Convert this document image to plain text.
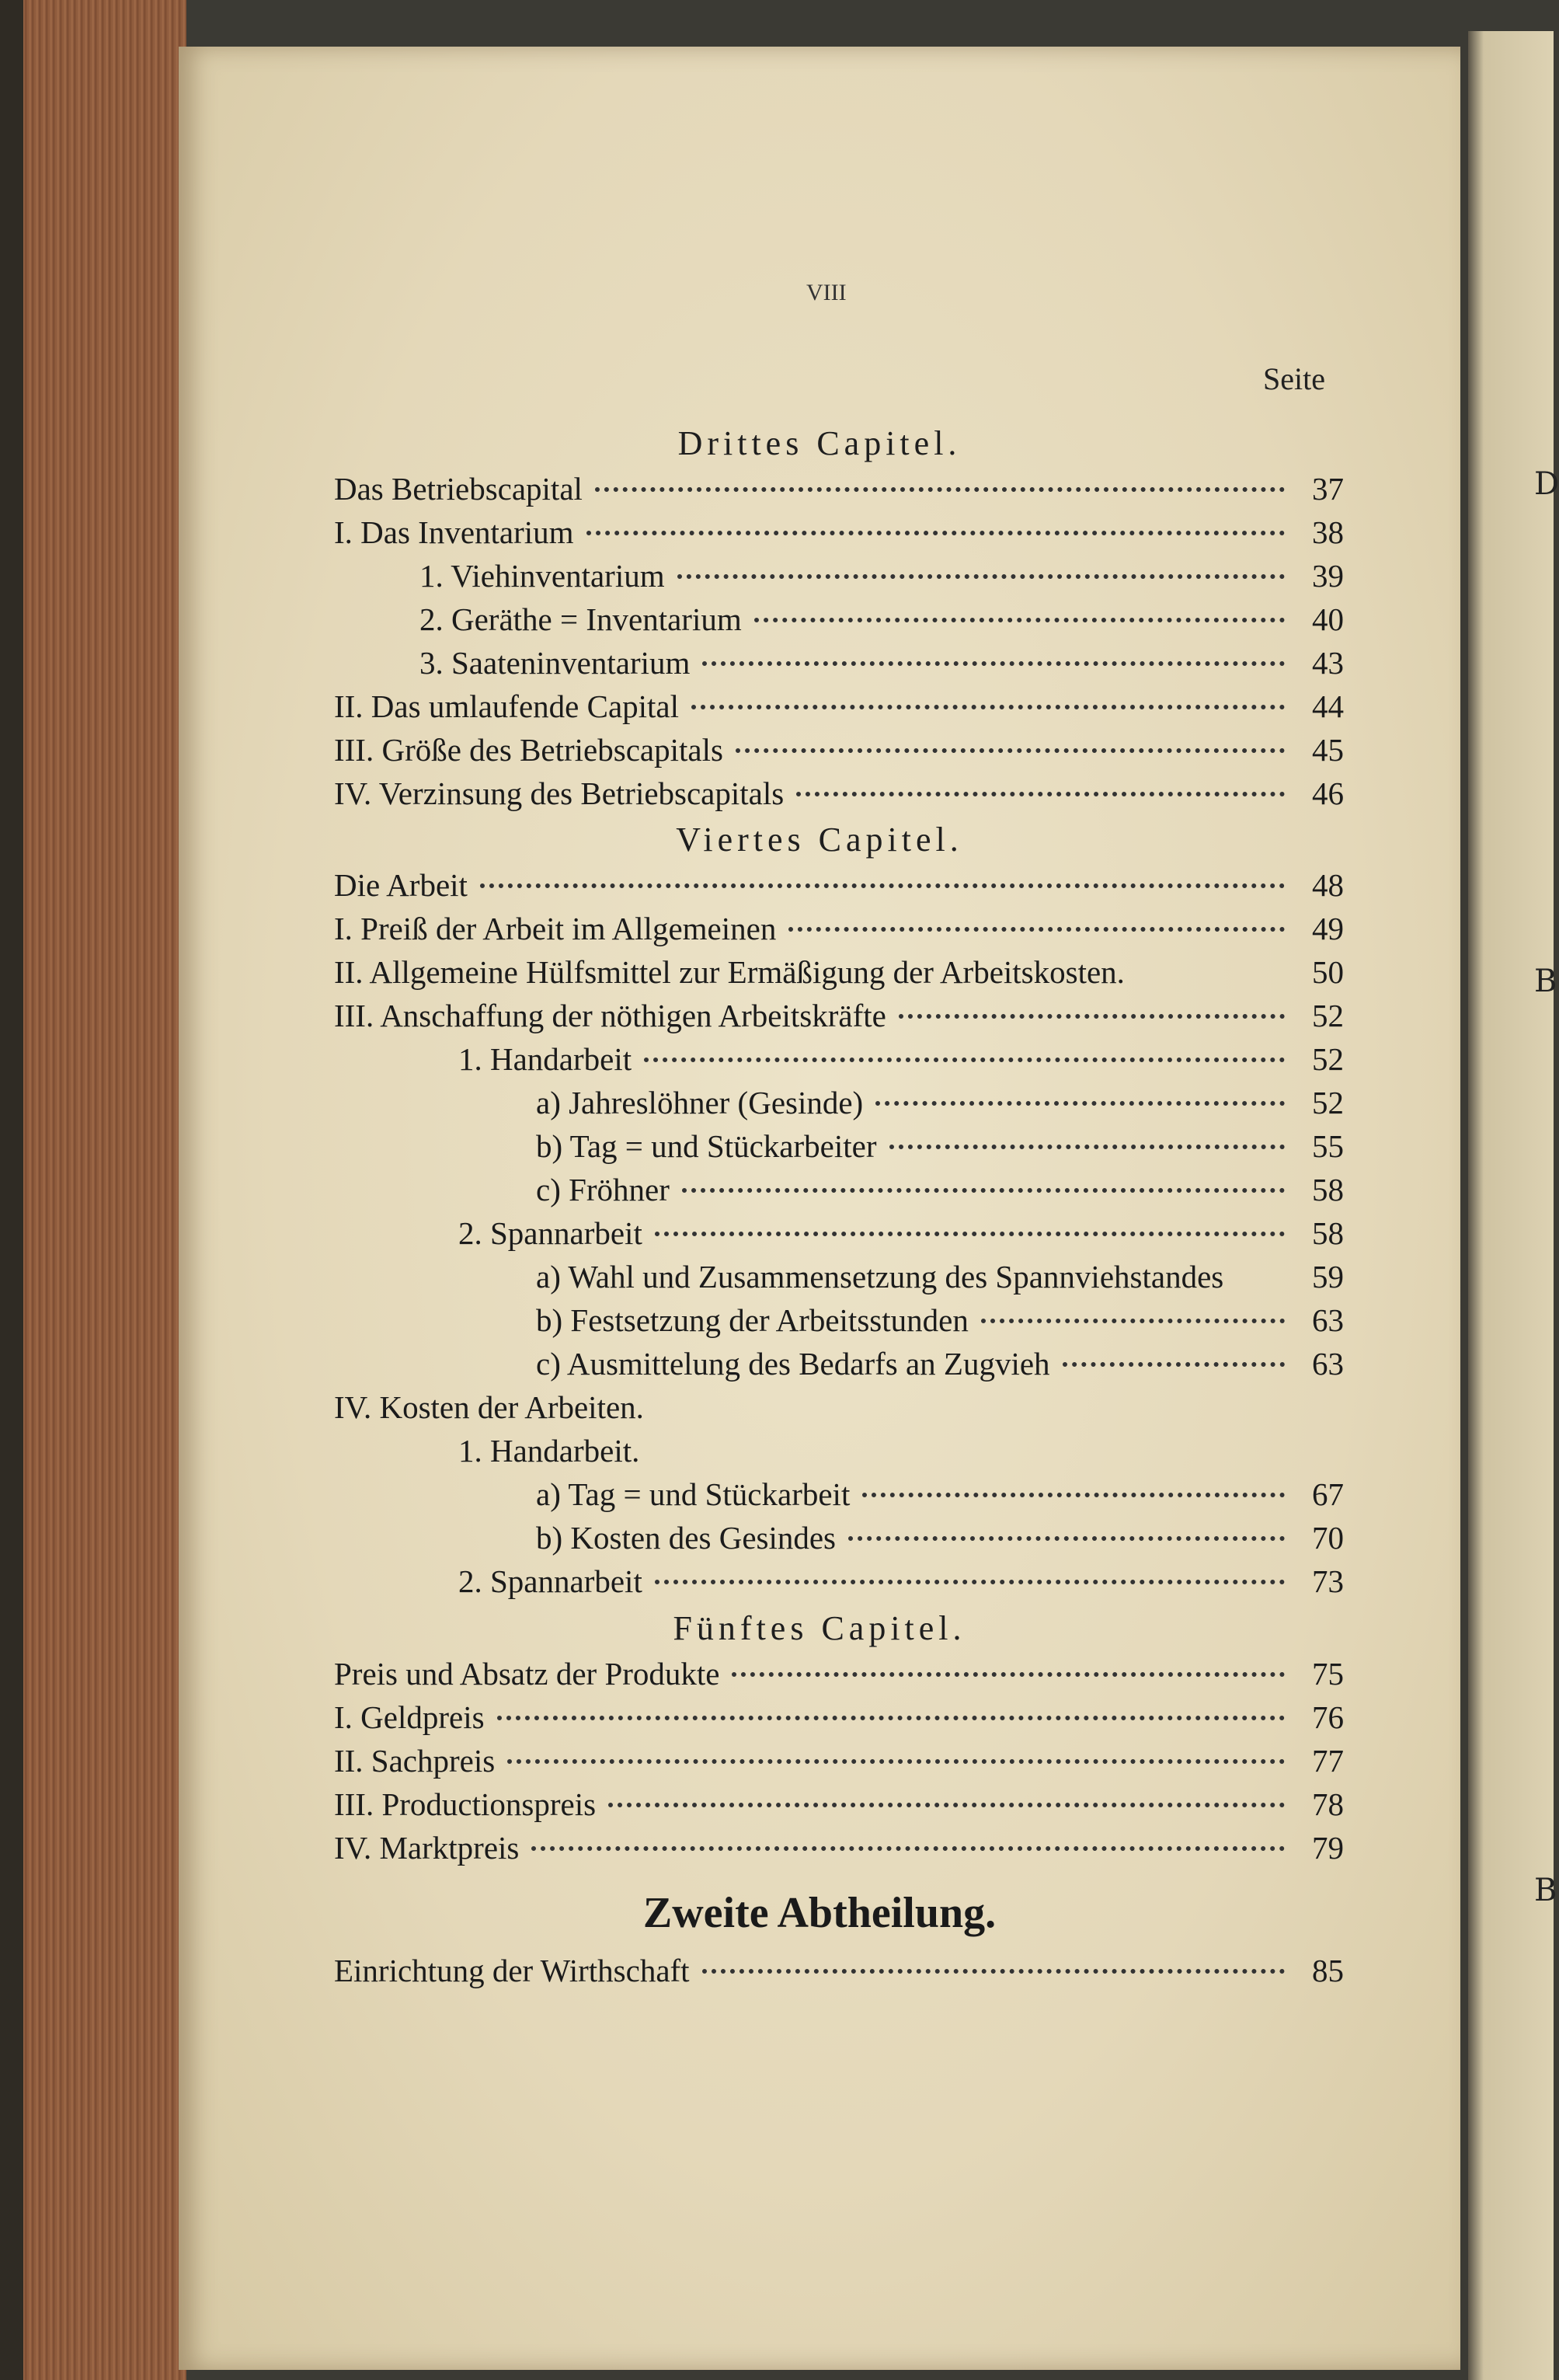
D
B
B
VIII
Seite
Drittes Capitel.
Das Betriebscapital	37
I. Das Inventarium	38
1. Viehinventarium	39
2. Geräthe = Inventarium	40
3. Saateninventarium	43
II. Das umlaufende Capital	44
III. Größe des Betriebscapitals	45
IV. Verzinsung des Betriebscapitals	46
Viertes Capitel.
Die Arbeit	48
I. Preiß der Arbeit im Allgemeinen	49
II. Allgemeine Hülfsmittel zur Ermäßigung der Arbeitskosten.	50
III. Anschaffung der nöthigen Arbeitskräfte	52
1. Handarbeit	52
a) Jahreslöhner (Gesinde)	52
b) Tag = und Stückarbeiter	55
c) Fröhner	58
2. Spannarbeit	58
a) Wahl und Zusammensetzung des Spannviehstandes	59
b) Festsetzung der Arbeitsstunden	63
c) Ausmittelung des Bedarfs an Zugvieh	63
IV. Kosten der Arbeiten.
1. Handarbeit.
a) Tag = und Stückarbeit	67
b) Kosten des Gesindes	70
2. Spannarbeit	73
Fünftes Capitel.
Preis und Absatz der Produkte	75
I. Geldpreis	76
II. Sachpreis	77
III. Productionspreis	78
IV. Marktpreis	79
Zweite Abtheilung.
Einrichtung der Wirthschaft	85
